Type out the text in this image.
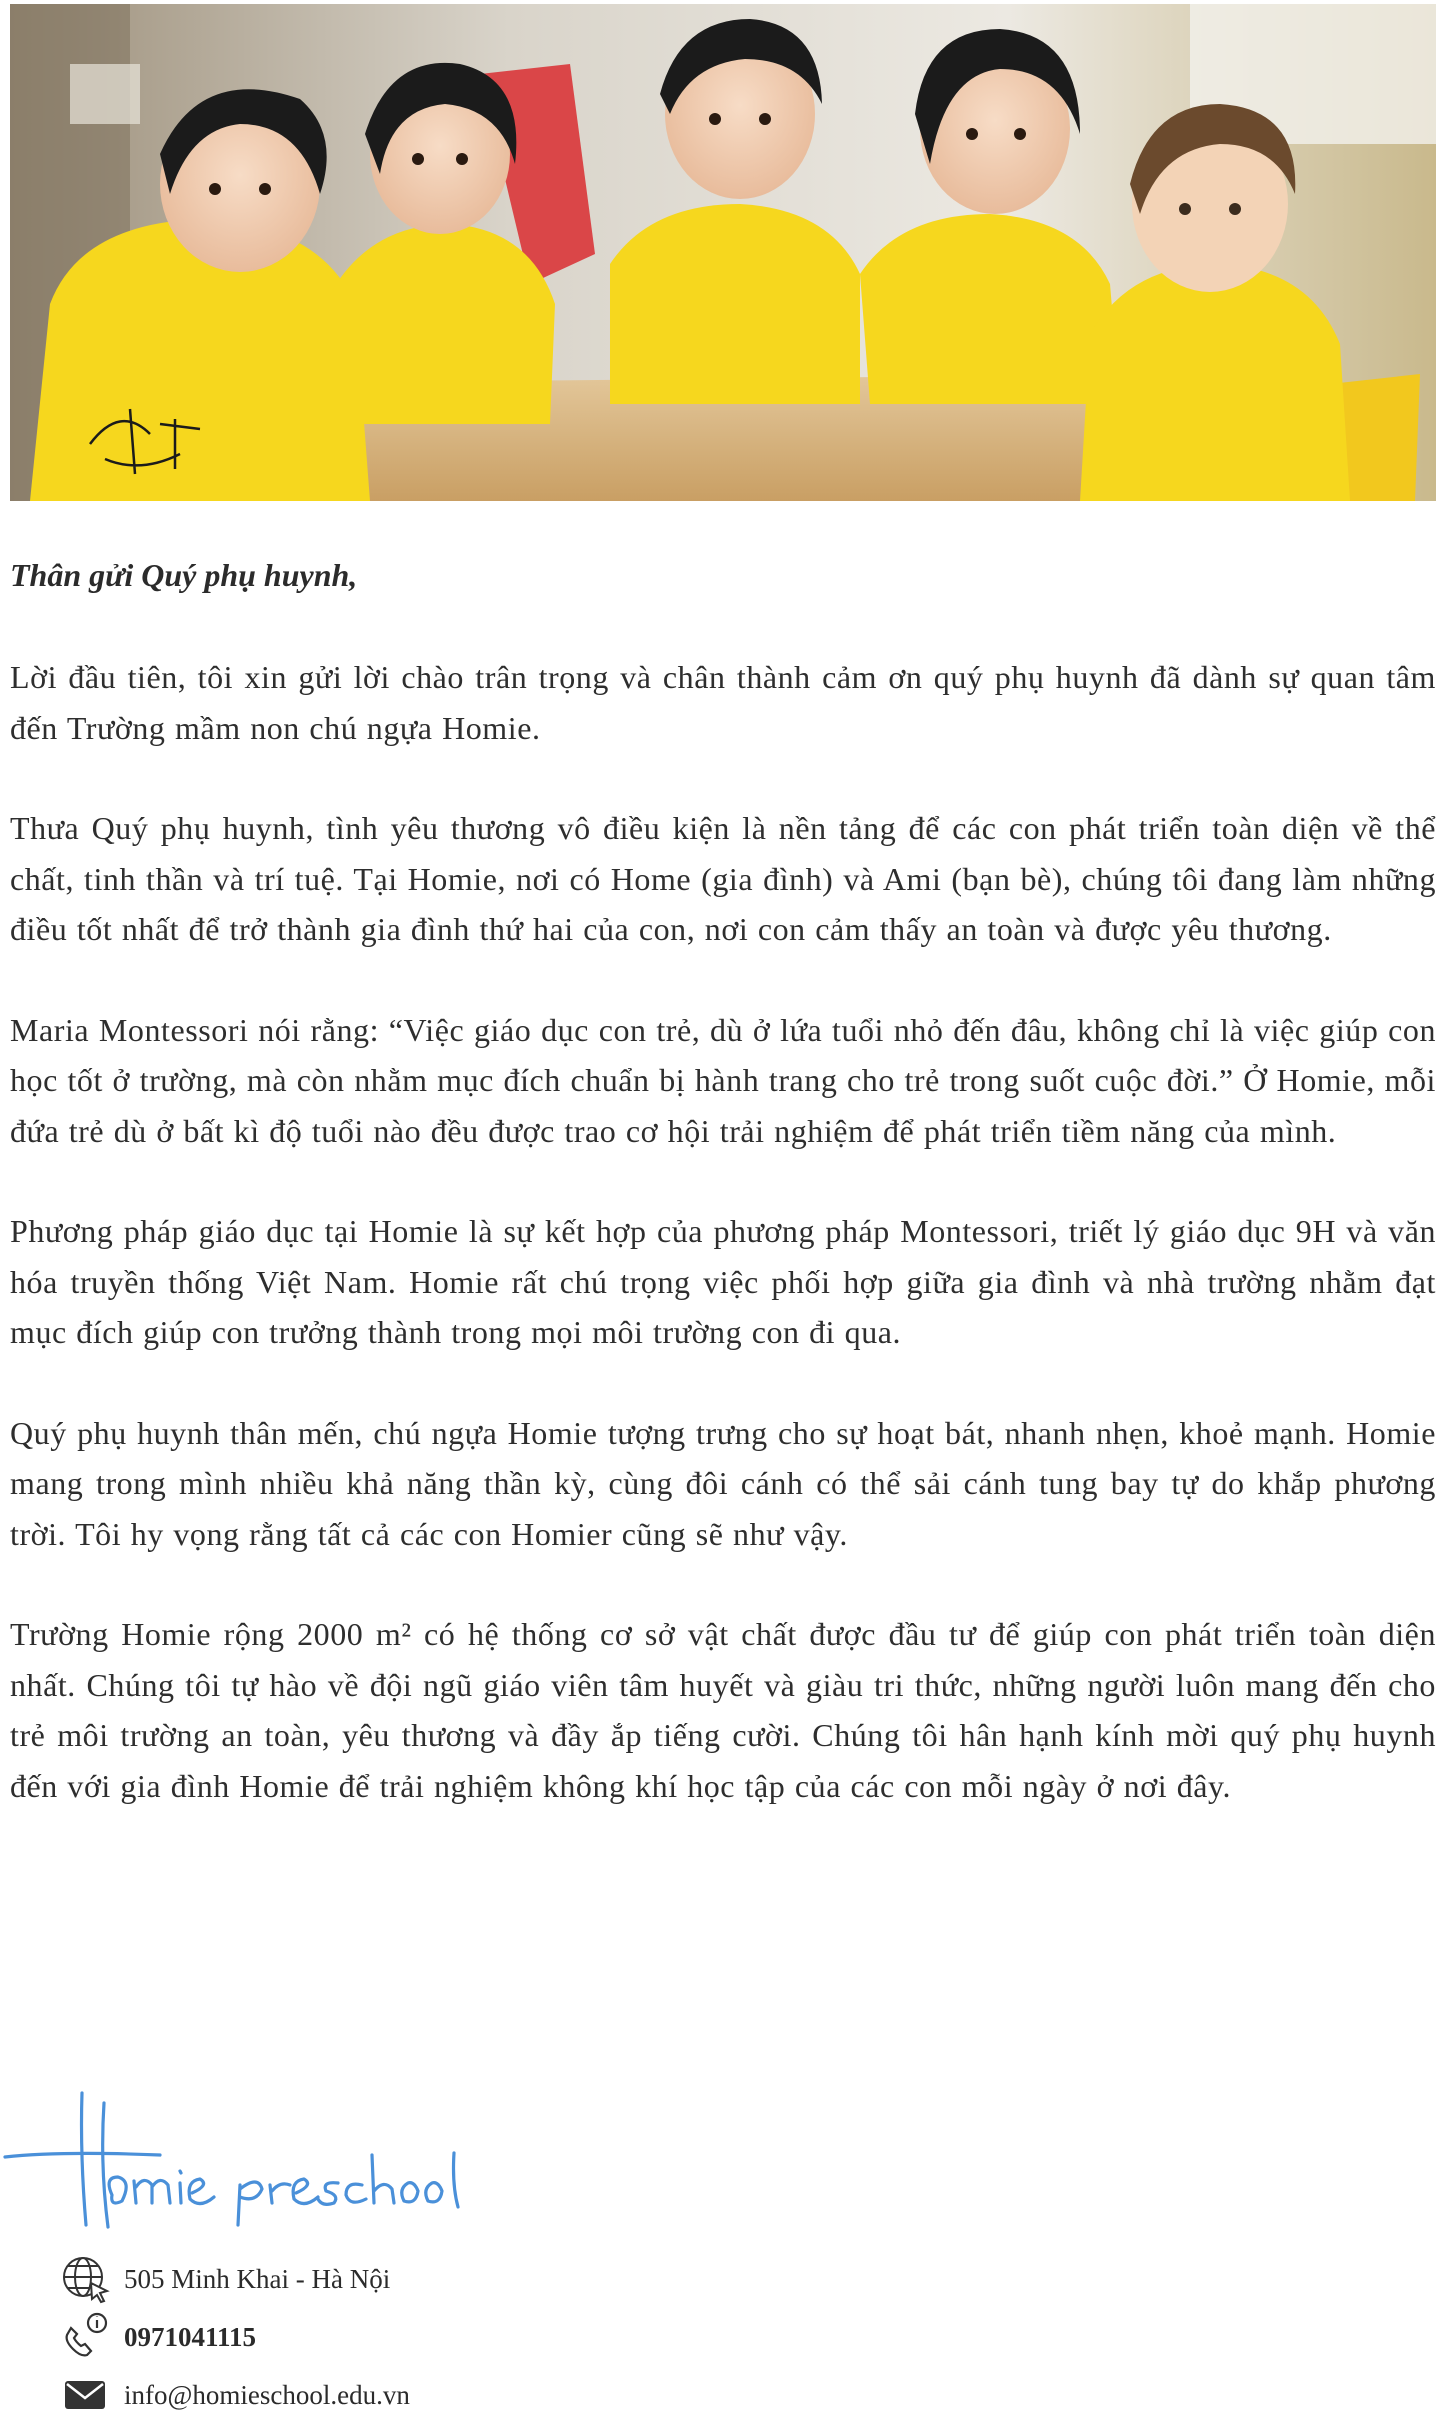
Thân gửi Quý phụ huynh,

Lời đầu tiên, tôi xin gửi lời chào trân trọng và chân thành cảm ơn quý phụ huynh đã dành sự quan tâm đến Trường mầm non chú ngựa Homie.

Thưa Quý phụ huynh, tình yêu thương vô điều kiện là nền tảng để các con phát triển toàn diện về thể chất, tinh thần và trí tuệ. Tại Homie, nơi có Home (gia đình) và Ami (bạn bè), chúng tôi đang làm những điều tốt nhất để trở thành gia đình thứ hai của con, nơi con cảm thấy an toàn và được yêu thương.

Maria Montessori nói rằng: “Việc giáo dục con trẻ, dù ở lứa tuổi nhỏ đến đâu, không chỉ là việc giúp con học tốt ở trường, mà còn nhằm mục đích chuẩn bị hành trang cho trẻ trong suốt cuộc đời.” Ở Homie, mỗi đứa trẻ dù ở bất kì độ tuổi nào đều được trao cơ hội trải nghiệm để phát triển tiềm năng của mình.

Phương pháp giáo dục tại Homie là sự kết hợp của phương pháp Montessori, triết lý giáo dục 9H và văn hóa truyền thống Việt Nam. Homie rất chú trọng việc phối hợp giữa gia đình và nhà trường nhằm đạt mục đích giúp con trưởng thành trong mọi môi trường con đi qua.

Quý phụ huynh thân mến, chú ngựa Homie tượng trưng cho sự hoạt bát, nhanh nhẹn, khoẻ mạnh. Homie mang trong mình nhiều khả năng thần kỳ, cùng đôi cánh có thể sải cánh tung bay tự do khắp phương trời. Tôi hy vọng rằng tất cả các con Homier cũng sẽ như vậy.

Trường Homie rộng 2000 m² có hệ thống cơ sở vật chất được đầu tư để giúp con phát triển toàn diện nhất. Chúng tôi tự hào về đội ngũ giáo viên tâm huyết và giàu tri thức, những người luôn mang đến cho trẻ môi trường an toàn, yêu thương và đầy ắp tiếng cười. Chúng tôi hân hạnh kính mời quý phụ huynh đến với gia đình Homie để trải nghiệm không khí học tập của các con mỗi ngày ở nơi đây.

505 Minh Khai - Hà Nội
0971041115
info@homieschool.edu.vn
